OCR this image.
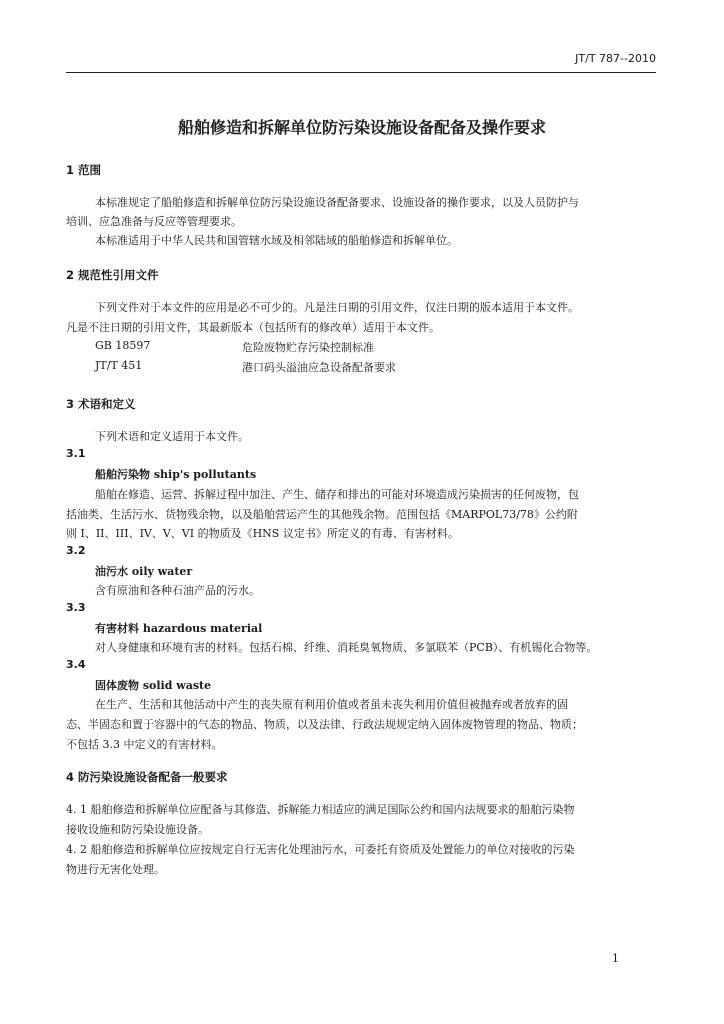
JT/T 787--2010
船舶修造和拆解单位防污染设施设备配备及操作要求
1 范围
本标准规定了船舶修造和拆解单位防污染设施设备配备要求、设施设备的操作要求，以及人员防护与
培训、应急准备与反应等管理要求。
本标准适用于中华人民共和国管辖水域及相邻陆域的船舶修造和拆解单位。
2 规范性引用文件
下列文件对于本文件的应用是必不可少的。凡是注日期的引用文件，仅注日期的版本适用于本文件。
凡是不注日期的引用文件，其最新版本（包括所有的修改单）适用于本文件。
GB 18597	危险废物贮存污染控制标准
JT/T 451	港口码头溢油应急设备配备要求
3 术语和定义
下列术语和定义适用于本文件。
3.1
船舶污染物 ship's pollutants
船舶在修造、运营、拆解过程中加注、产生、储存和排出的可能对环境造成污染损害的任何废物，包
括油类、生活污水、货物残余物，以及船舶营运产生的其他残余物。范围包括《MARPOL73/78》公约附
则 I、II、III、IV、V、VI 的物质及《HNS 议定书》所定义的有毒、有害材料。
3.2
油污水 oily water
含有原油和各种石油产品的污水。
3.3
有害材料 hazardous material
对人身健康和环境有害的材料。包括石棉、纤维、消耗臭氧物质、多氯联苯（PCB）、有机锡化合物等。
3.4
固体废物 solid waste
在生产、生活和其他活动中产生的丧失原有利用价值或者虽未丧失利用价值但被抛弃或者放弃的固
态、半固态和置于容器中的气态的物品、物质，以及法律、行政法规规定纳入固体废物管理的物品、物质；
不包括 3.3 中定义的有害材料。
4 防污染设施设备配备一般要求
4. 1 船舶修造和拆解单位应配备与其修造、拆解能力相适应的满足国际公约和国内法规要求的船舶污染物
接收设施和防污染设施设备。
4. 2 船舶修造和拆解单位应按规定自行无害化处理油污水，可委托有资质及处置能力的单位对接收的污染
物进行无害化处理。
1
